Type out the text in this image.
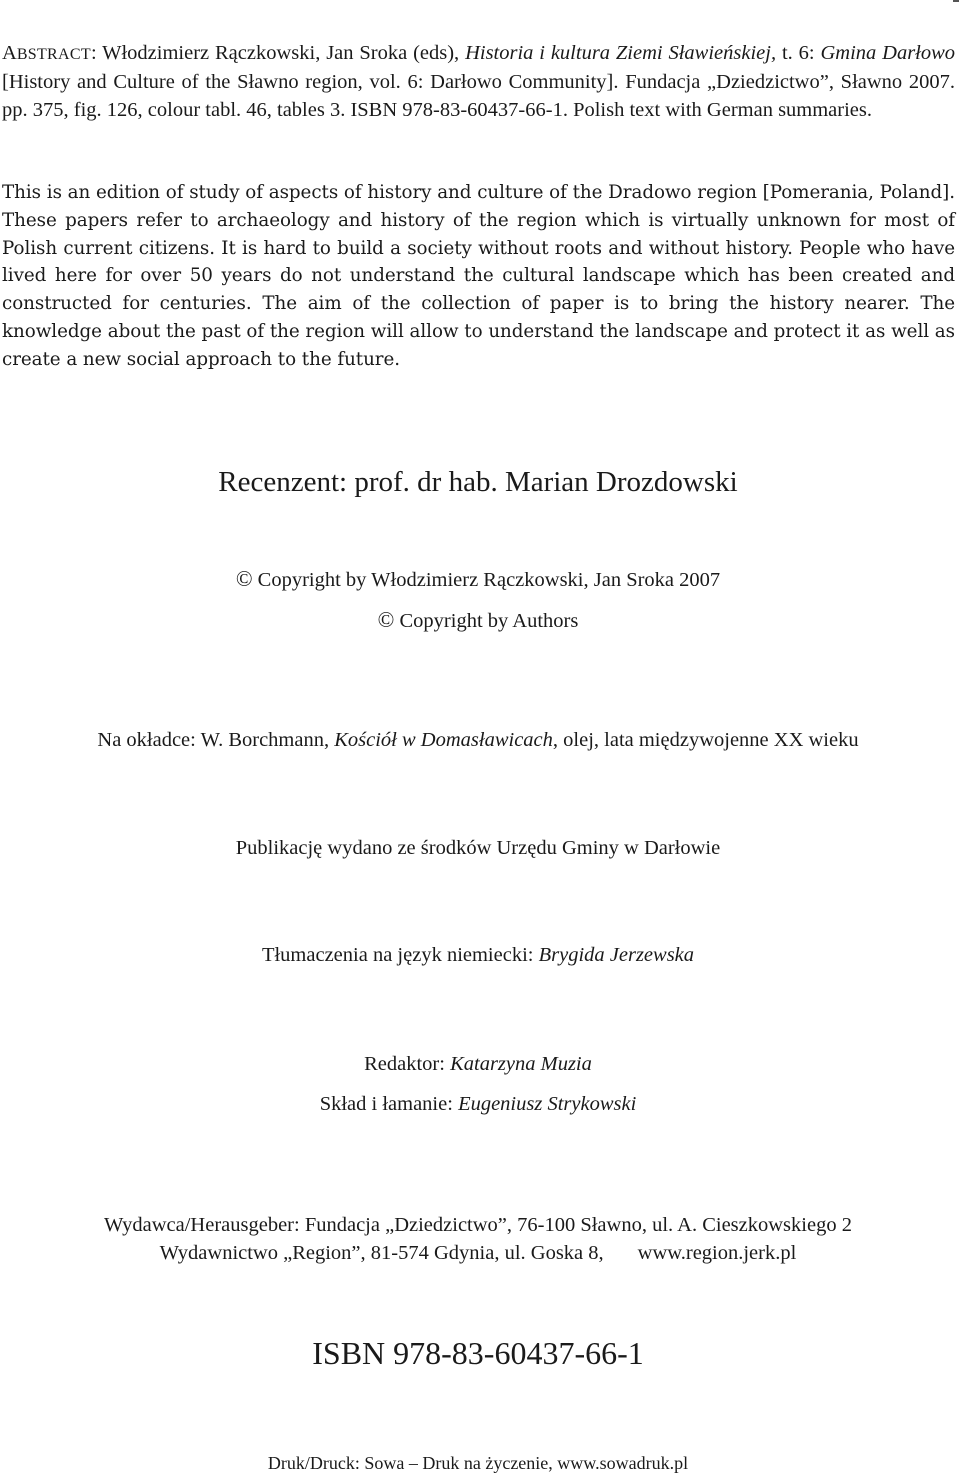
ABSTRACT: Włodzimierz Rączkowski, Jan Sroka (eds), Historia i kultura Ziemi Sławieńskiej, t. 6: Gmina Darłowo [History and Culture of the Sławno region, vol. 6: Darłowo Community]. Fundacja „Dziedzictwo”, Sławno 2007. pp. 375, fig. 126, colour tabl. 46, tables 3. ISBN 978-83-60437-66-1. Polish text with German summaries.
This is an edition of study of aspects of history and culture of the Dradowo region [Pomerania, Poland]. These papers refer to archaeology and history of the region which is virtually unknown for most of Polish current citizens. It is hard to build a society without roots and without history. People who have lived here for over 50 years do not understand the cultural landscape which has been created and constructed for centuries. The aim of the collection of paper is to bring the history nearer. The knowledge about the past of the region will allow to understand the landscape and protect it as well as create a new social approach to the future.
Recenzent: prof. dr hab. Marian Drozdowski
© Copyright by Włodzimierz Rączkowski, Jan Sroka 2007
© Copyright by Authors
Na okładce: W. Borchmann, Kościół w Domasławicach, olej, lata międzywojenne XX wieku
Publikację wydano ze środków Urzędu Gminy w Darłowie
Tłumaczenia na język niemiecki: Brygida Jerzewska
Redaktor: Katarzyna Muzia
Skład i łamanie: Eugeniusz Strykowski
Wydawca/Herausgeber: Fundacja „Dziedzictwo”, 76-100 Sławno, ul. A. Cieszkowskiego 2
Wydawnictwo „Region”, 81-574 Gdynia, ul. Goska 8, www.region.jerk.pl
ISBN 978-83-60437-66-1
Druk/Druck: Sowa – Druk na życzenie, www.sowadruk.pl
